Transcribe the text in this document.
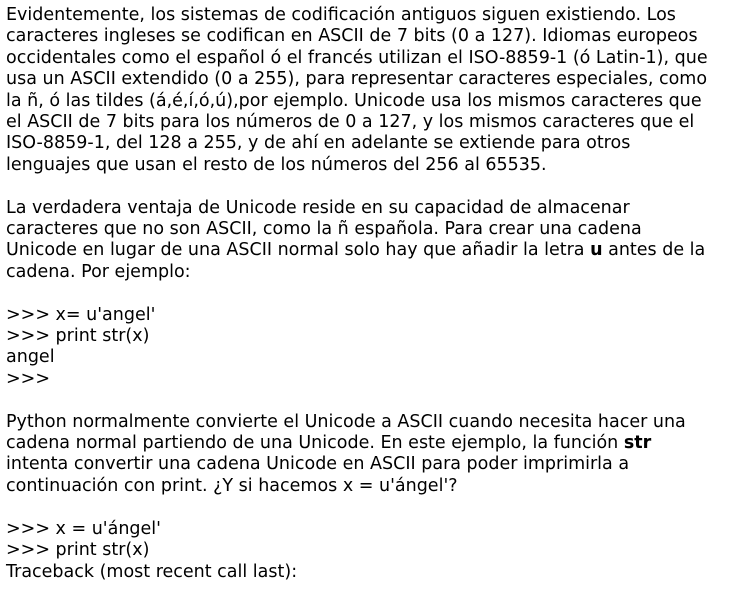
Evidentemente, los sistemas de codificación antiguos siguen existiendo. Los
caracteres ingleses se codifican en ASCII de 7 bits (0 a 127). Idiomas europeos
occidentales como el español ó el francés utilizan el ISO-8859-1 (ó Latin-1), que
usa un ASCII extendido (0 a 255), para representar caracteres especiales, como
la ñ, ó las tildes (á,é,í,ó,ú),por ejemplo. Unicode usa los mismos caracteres que
el ASCII de 7 bits para los números de 0 a 127, y los mismos caracteres que el
ISO-8859-1, del 128 a 255, y de ahí en adelante se extiende para otros
lenguajes que usan el resto de los números del 256 al 65535.

La verdadera ventaja de Unicode reside en su capacidad de almacenar
caracteres que no son ASCII, como la ñ española. Para crear una cadena
Unicode en lugar de una ASCII normal solo hay que añadir la letra u antes de la
cadena. Por ejemplo:

>>> x= u'angel'

>>> print str(x)

angel

>>>

Python normalmente convierte el Unicode a ASCII cuando necesita hacer una
cadena normal partiendo de una Unicode. En este ejemplo, la función str
intenta convertir una cadena Unicode en ASCII para poder imprimirla a
continuación con print. ¿Y si hacemos x = u'ángel'?

>>> x = u'ángel'

>>> print str(x)

Traceback (most recent call last):
